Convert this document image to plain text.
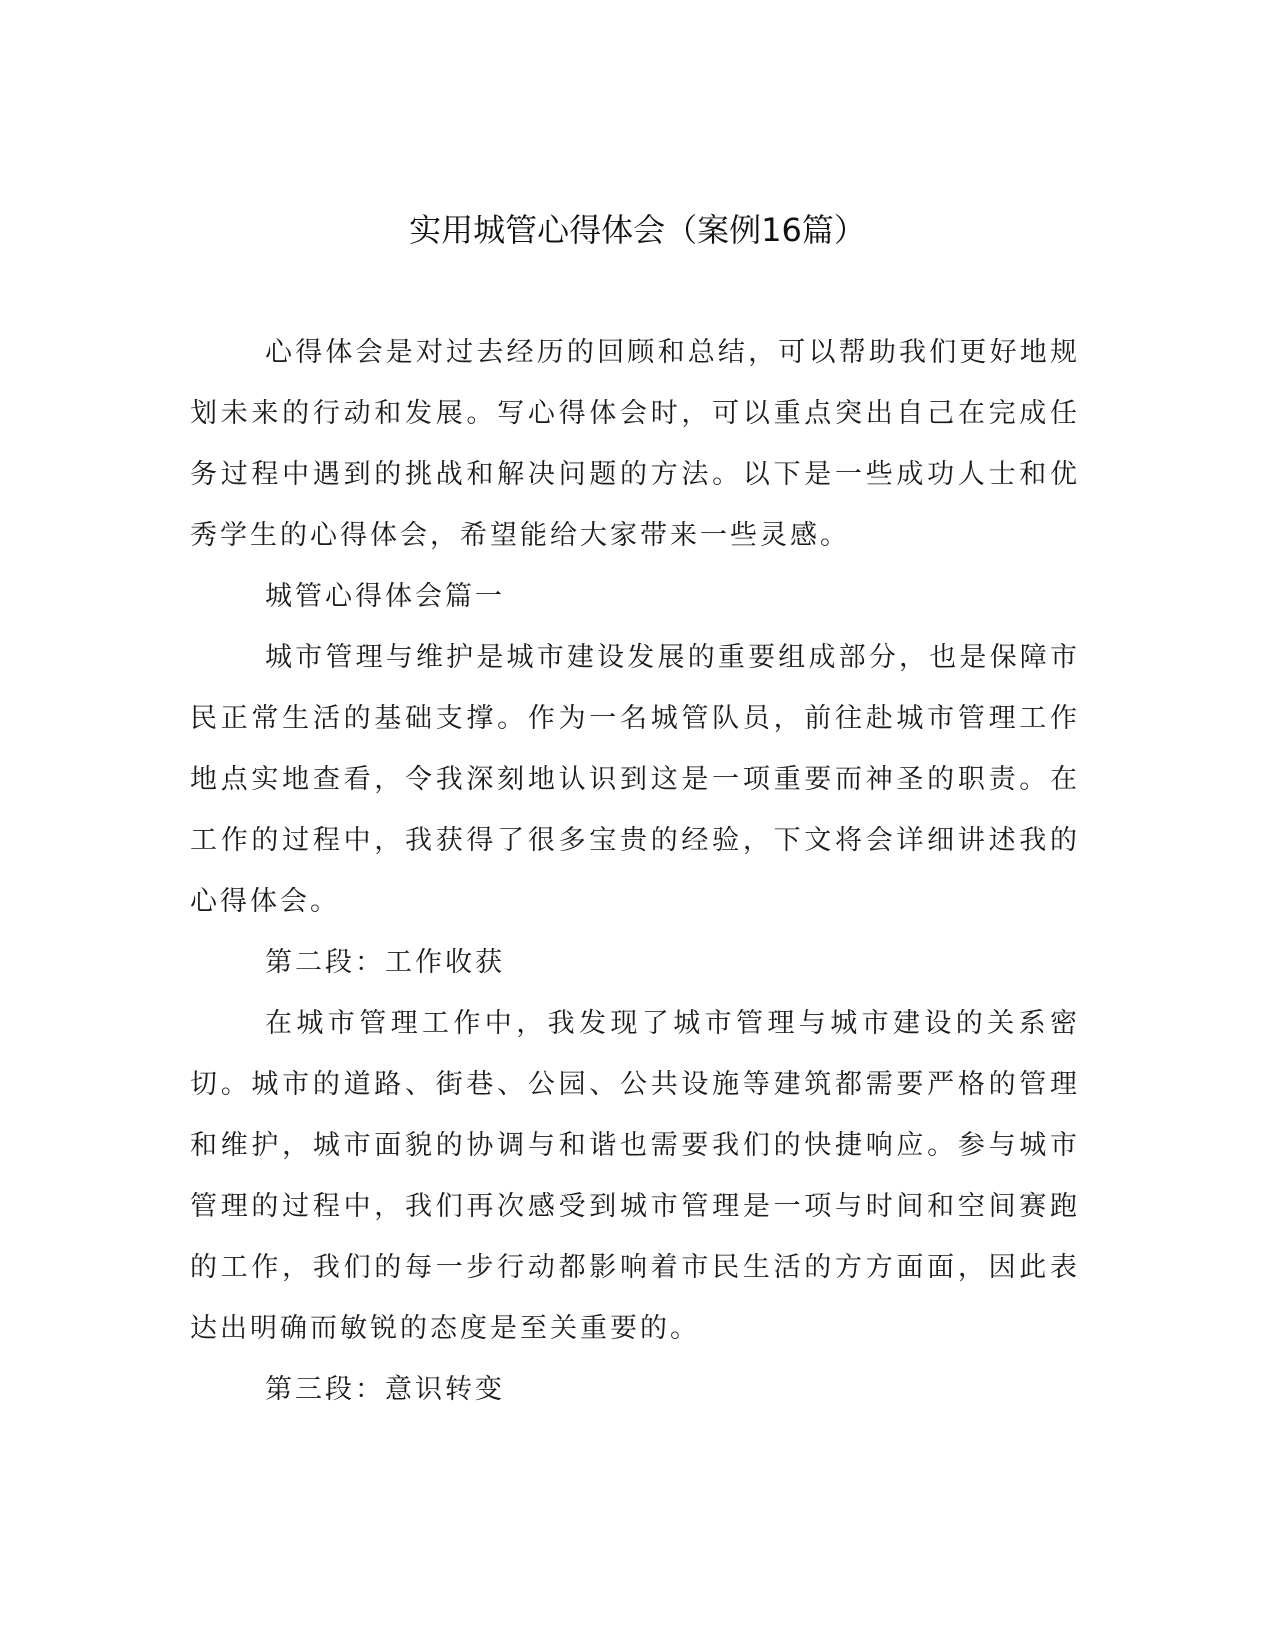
实用城管心得体会（案例16篇）

心得体会是对过去经历的回顾和总结，可以帮助我们更好地规划未来的行动和发展。写心得体会时，可以重点突出自己在完成任务过程中遇到的挑战和解决问题的方法。以下是一些成功人士和优秀学生的心得体会，希望能给大家带来一些灵感。

城管心得体会篇一

城市管理与维护是城市建设发展的重要组成部分，也是保障市民正常生活的基础支撑。作为一名城管队员，前往赴城市管理工作地点实地查看，令我深刻地认识到这是一项重要而神圣的职责。在工作的过程中，我获得了很多宝贵的经验，下文将会详细讲述我的心得体会。

第二段：工作收获

在城市管理工作中，我发现了城市管理与城市建设的关系密切。城市的道路、街巷、公园、公共设施等建筑都需要严格的管理和维护，城市面貌的协调与和谐也需要我们的快捷响应。参与城市管理的过程中，我们再次感受到城市管理是一项与时间和空间赛跑的工作，我们的每一步行动都影响着市民生活的方方面面，因此表达出明确而敏锐的态度是至关重要的。

第三段：意识转变
